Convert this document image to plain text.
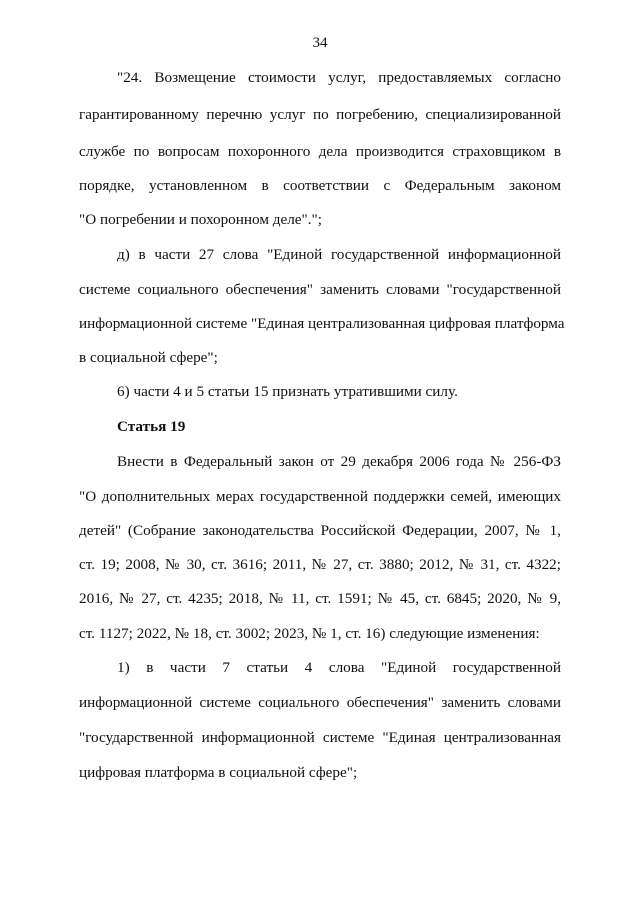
34
"24. Возмещение стоимости услуг, предоставляемых согласно
гарантированному перечню услуг по погребению, специализированной
службе по вопросам похоронного дела производится страховщиком в
порядке, установленном в соответствии с Федеральным законом
"О погребении и похоронном деле".";
д) в части 27 слова "Единой государственной информационной
системе социального обеспечения" заменить словами "государственной
информационной системе "Единая централизованная цифровая платформа
в социальной сфере";
6) части 4 и 5 статьи 15 признать утратившими силу.
Статья 19
Внести в Федеральный закон от 29 декабря 2006 года № 256-ФЗ
"О дополнительных мерах государственной поддержки семей, имеющих
детей" (Собрание законодательства Российской Федерации, 2007, № 1,
ст. 19; 2008, № 30, ст. 3616; 2011, № 27, ст. 3880; 2012, № 31, ст. 4322;
2016, № 27, ст. 4235; 2018, № 11, ст. 1591; № 45, ст. 6845; 2020, № 9,
ст. 1127; 2022, № 18, ст. 3002; 2023, № 1, ст. 16) следующие изменения:
1) в части 7 статьи 4 слова "Единой государственной
информационной системе социального обеспечения" заменить словами
"государственной информационной системе "Единая централизованная
цифровая платформа в социальной сфере";
